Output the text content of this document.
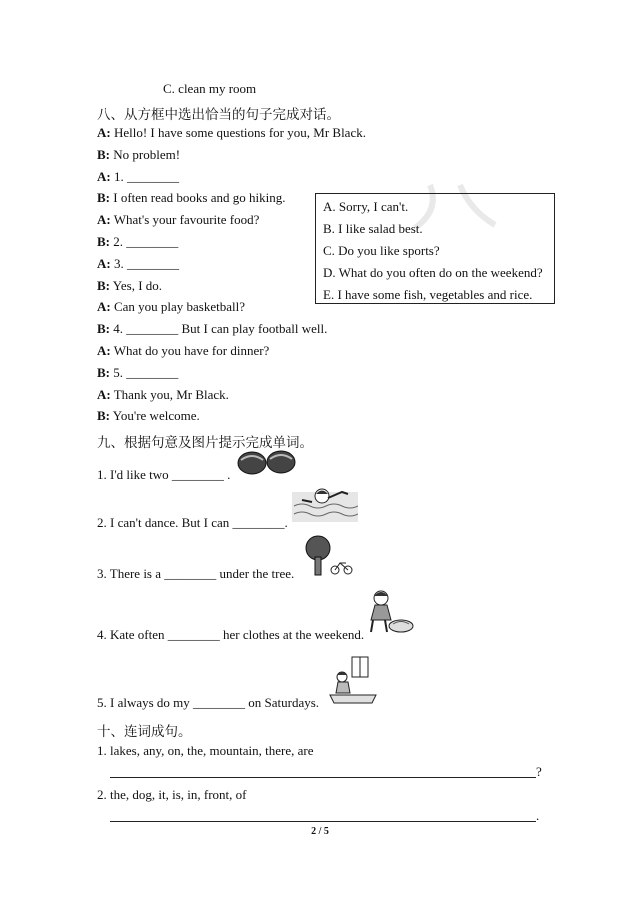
C. clean my room
八、从方框中选出恰当的句子完成对话。
A: Hello! I have some questions for you, Mr Black.
B: No problem!
A: 1. ________
B: I often read books and go hiking.
A: What's your favourite food?
B: 2. ________
A: 3. ________
B: Yes, I do.
A: Can you play basketball?
B: 4. ________ But I can play football well.
A: What do you have for dinner?
B: 5. ________
A: Thank you, Mr Black.
B: You're welcome.
A. Sorry, I can't.
B. I like salad best.
C. Do you like sports?
D. What do you often do on the weekend?
E. I have some fish, vegetables and rice.
九、根据句意及图片提示完成单词。
1. I'd like two ________ .
2. I can't dance. But I can ________.
3. There is a ________ under the tree.
4. Kate often ________ her clothes at the weekend.
5. I always do my ________ on Saturdays.
十、连词成句。
1. lakes, any, on, the, mountain, there, are
?
2. the, dog, it, is, in, front, of
.
2 / 5
